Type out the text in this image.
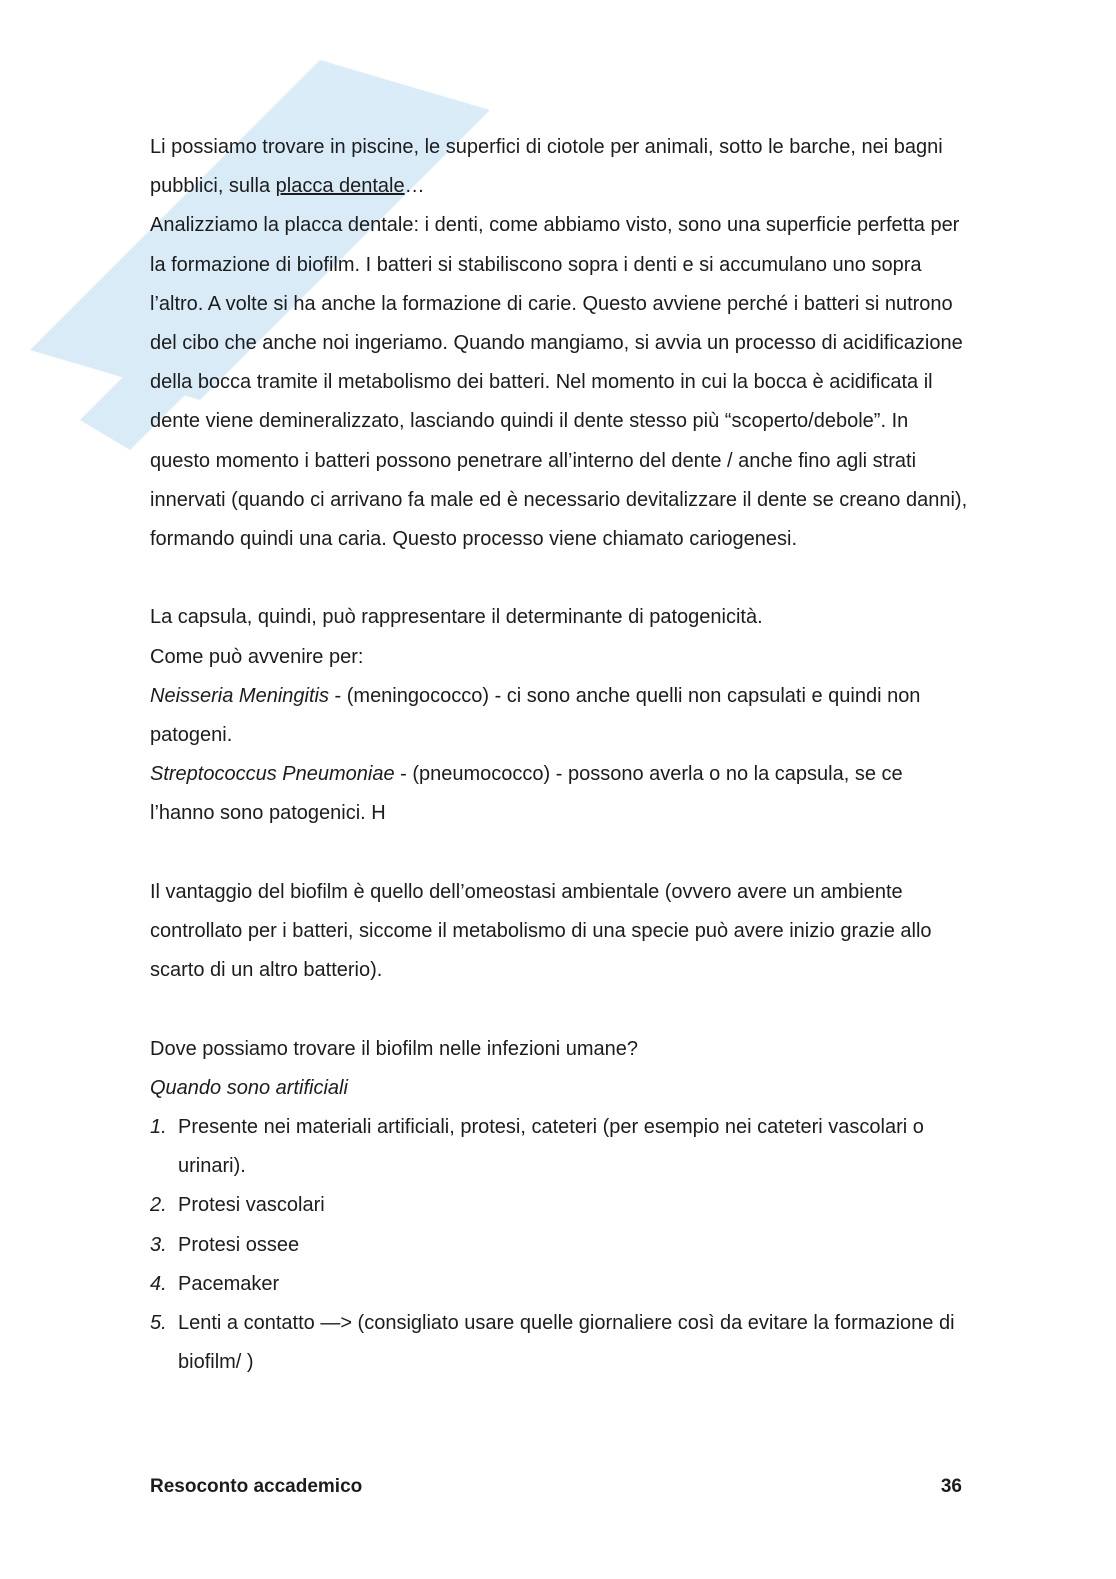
Li possiamo trovare in piscine, le superfici di ciotole per animali, sotto le barche, nei bagni pubblici, sulla placca dentale…

Analizziamo la placca dentale: i denti, come abbiamo visto, sono una superficie perfetta per la formazione di biofilm. I batteri si stabiliscono sopra i denti e si accumulano uno sopra l’altro. A volte si ha anche la formazione di carie. Questo avviene perché i batteri si nutrono del cibo che anche noi ingeriamo. Quando mangiamo, si avvia un processo di acidificazione della bocca tramite il metabolismo dei batteri. Nel momento in cui la bocca è acidificata il dente viene demineralizzato, lasciando quindi il dente stesso più “scoperto/debole”. In questo momento i batteri possono penetrare all’interno del dente / anche fino agli strati innervati (quando ci arrivano fa male ed è necessario devitalizzare il dente se creano danni), formando quindi una caria. Questo processo viene chiamato cariogenesi.

La capsula, quindi, può rappresentare il determinante di patogenicità.

Come può avvenire per:

Neisseria Meningitis - (meningococco) - ci sono anche quelli non capsulati e quindi non patogeni.

Streptococcus Pneumoniae - (pneumococco) - possono averla o no la capsula, se ce l’hanno sono patogenici. H

Il vantaggio del biofilm è quello dell’omeostasi ambientale (ovvero avere un ambiente controllato per i batteri, siccome il metabolismo di una specie può avere inizio grazie allo scarto di un altro batterio).

Dove possiamo trovare il biofilm nelle infezioni umane?

Quando sono artificiali

1. Presente nei materiali artificiali, protesi, cateteri (per esempio nei cateteri vascolari o urinari).
2. Protesi vascolari
3. Protesi ossee
4. Pacemaker
5. Lenti a contatto —> (consigliato usare quelle giornaliere così da evitare la formazione di biofilm/ )
Resoconto accademico	36
